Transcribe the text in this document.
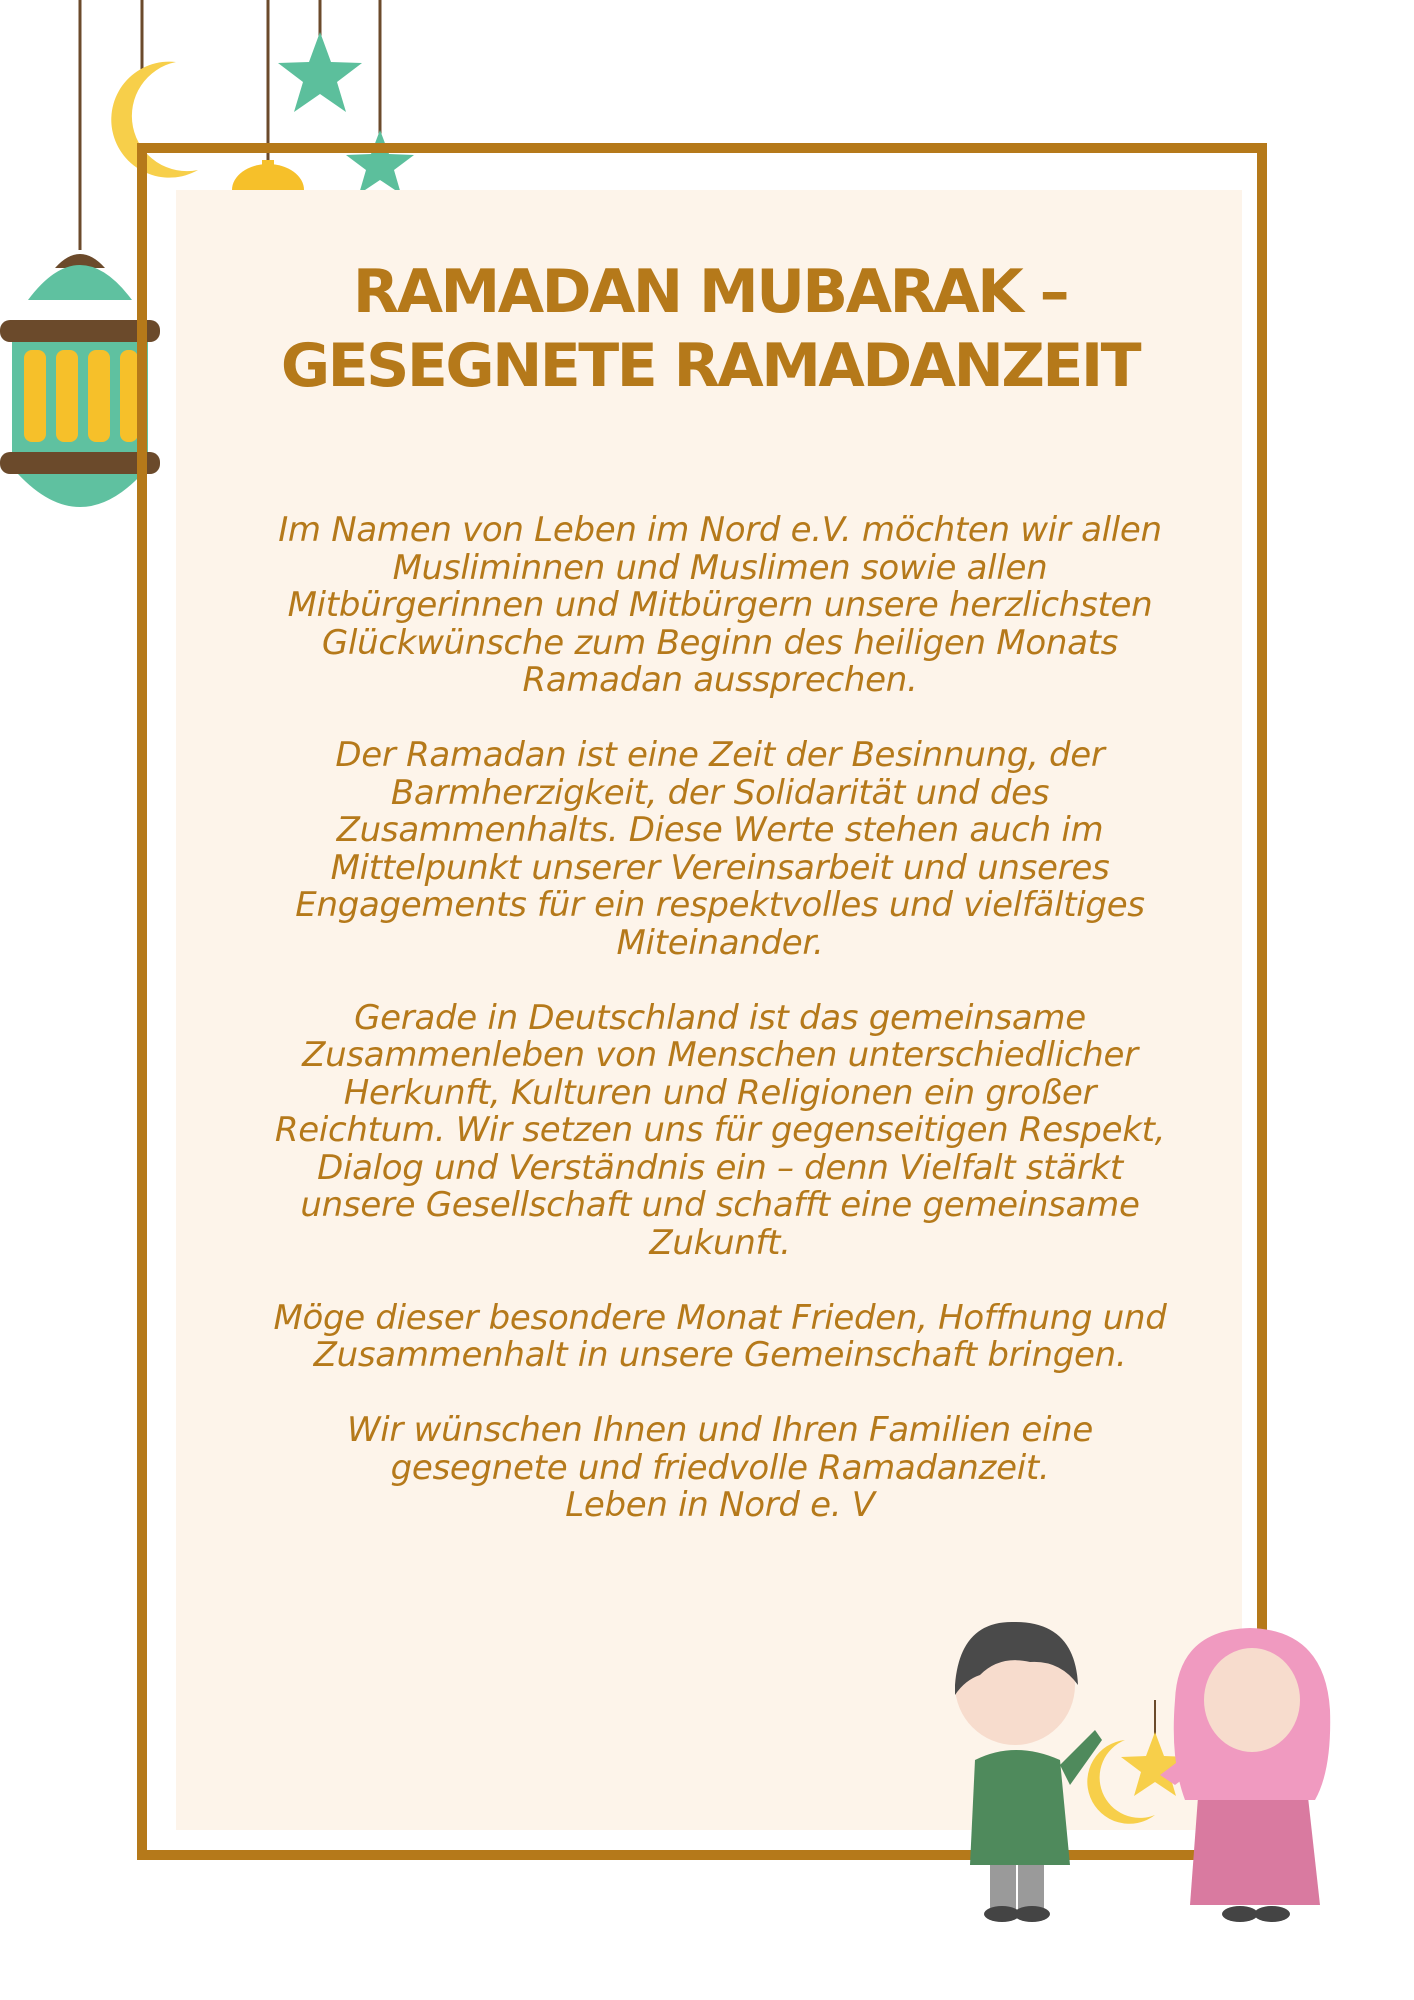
RAMADAN MUBARAK –
GESEGNETE RAMADANZEIT

Im Namen von Leben im Nord e.V. möchten wir allen Musliminnen und Muslimen sowie allen Mitbürgerinnen und Mitbürgern unsere herzlichsten Glückwünsche zum Beginn des heiligen Monats Ramadan aussprechen.

Der Ramadan ist eine Zeit der Besinnung, der Barmherzigkeit, der Solidarität und des Zusammenhalts. Diese Werte stehen auch im Mittelpunkt unserer Vereinsarbeit und unseres Engagements für ein respektvolles und vielfältiges Miteinander.

Gerade in Deutschland ist das gemeinsame Zusammenleben von Menschen unterschiedlicher Herkunft, Kulturen und Religionen ein großer Reichtum. Wir setzen uns für gegenseitigen Respekt, Dialog und Verständnis ein – denn Vielfalt stärkt unsere Gesellschaft und schafft eine gemeinsame Zukunft.

Möge dieser besondere Monat Frieden, Hoffnung und Zusammenhalt in unsere Gemeinschaft bringen.

Wir wünschen Ihnen und Ihren Familien eine gesegnete und friedvolle Ramadanzeit.
Leben in Nord e. V
